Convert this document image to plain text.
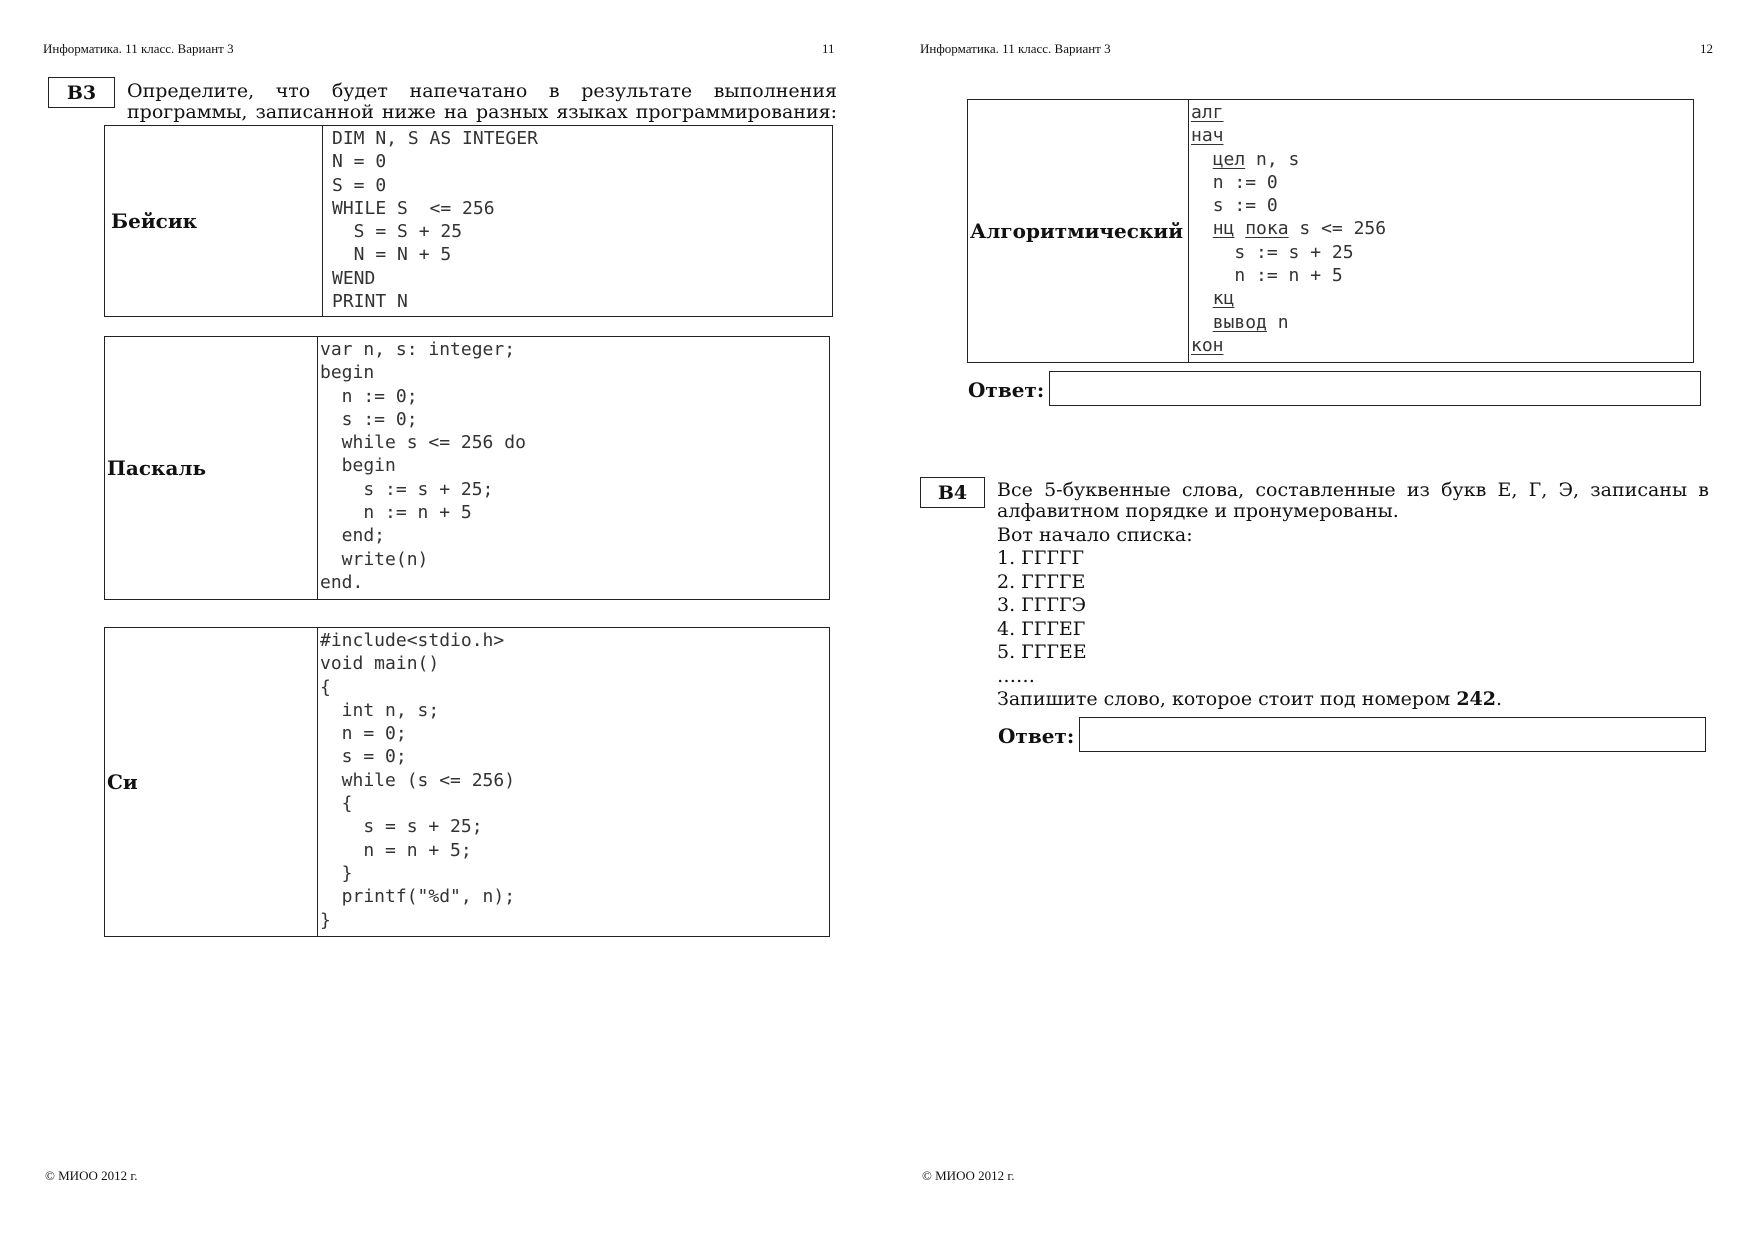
Информатика. 11 класс. Вариант 3	11
B3	Определите, что будет напечатано в результате выполнения программы, записанной ниже на разных языках программирования:
Бейсик	
DIM N, S AS INTEGER
N = 0
S = 0
WHILE S  <= 256
S = S + 25
N = N + 5
WEND
PRINT N
Паскаль	
var n, s: integer;
begin
n := 0;
s := 0;
while s <= 256 do
begin
s := s + 25;
n := n + 5
end;
write(n)
end.
Си	
#include<stdio.h>
void main()
{
int n, s;
n = 0;
s = 0;
while (s <= 256)
{
s = s + 25;
n = n + 5;
}
printf("%d", n);
}
© МИОО 2012 г.
Информатика. 11 класс. Вариант 3	12
Алгоритмический	
алг
нач
цел n, s
n := 0
s := 0
нц пока s <= 256
s := s + 25
n := n + 5
кц
вывод n
кон
Ответ:
B4	Все 5-буквенные слова, составленные из букв Е, Г, Э, записаны в алфавитном порядке и пронумерованы.
Вот начало списка:
1. ГГГГГ
2. ГГГГЕ
3. ГГГГЭ
4. ГГГЕГ
5. ГГГЕЕ
……
Запишите слово, которое стоит под номером 242.
Ответ:
© МИОО 2012 г.
